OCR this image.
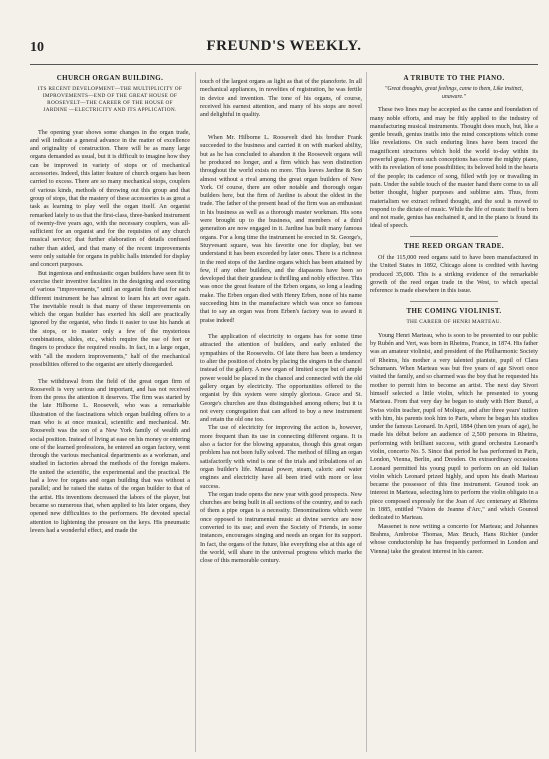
10	FREUND'S WEEKLY.
CHURCH ORGAN BUILDING.
ITS RECENT DEVELOPMENT—THE MULTIPLICITY OF IMPROVEMENTS—END OF THE GREAT HOUSE OF ROOSEVELT—THE CAREER OF THE HOUSE OF JARDINE —ELECTRICITY AND ITS APPLICATION.

The opening year shows some changes in the organ trade, and will indicate a general advance in the matter of excellence and originality of construction. There will be as many large organs demanded as usual, but it is difficult to imagine how they can be improved in variety of stops or of mechanical accessories. Indeed, this latter feature of church organs has been carried to excess. There are so many mechanical stops, couplers of various kinds, methods of throwing out this group and that group of stops, that the mastery of these accessories is as great a task as learning to play well the organ itself. An organist remarked lately to us that the first-class, three-banked instrument of twenty-five years ago, with the necessary couplers, was all-sufficient for an organist and for the requisites of any church musical service; that further elaboration of details confused rather than aided, and that many of the recent improvements were only suitable for organs in public halls intended for display and concert purposes.

But ingenious and enthusiastic organ builders have seen fit to exercise their inventive faculties in the designing and executing of various "improvements," until an organist finds that for each different instrument he has almost to learn his art over again. The inevitable result is that many of these improvements on which the organ builder has exerted his skill are practically ignored by the organist, who finds it easier to use his hands at the stops, or to master only a few of the mysterious combinations, slides, etc., which require the use of feet or fingers to produce the required results. In fact, in a large organ, with "all the modern improvements," half of the mechanical possibilities offered to the organist are utterly disregarded.

The withdrawal from the field of the great organ firm of Roosevelt is very serious and important, and has not received from the press the attention it deserves. The firm was started by the late Hilborne L. Roosevelt, who was a remarkable illustration of the fascinations which organ building offers to a man who is at once musical, scientific and mechanical. Mr. Roosevelt was the son of a New York family of wealth and social position. Instead of living at ease on his money or entering one of the learned professions, he entered an organ factory, went through the various mechanical departments as a workman, and studied in factories abroad the methods of the foreign makers. He united the scientific, the experimental and the practical. He had a love for organs and organ building that was without a parallel; and he raised the status of the organ builder to that of the artist. His inventions decreased the labors of the player, but became so numerous that, when applied to his later organs, they opened new difficulties to the performers. He devoted special attention to lightening the pressure on the keys. His pneumatic levers had a wonderful effect, and made the

touch of the largest organs as light as that of the pianoforte. In all mechanical appliances, in novelties of registration, he was fertile in device and invention. The tone of his organs, of course, received his earnest attention, and many of his stops are novel and delightful in quality.

When Mr. Hilborne L. Roosevelt died his brother Frank succeeded to the business and carried it on with marked ability, but as he has concluded to abandon it the Roosevelt organs will be produced no longer, and a firm which has won distinction throughout the world exists no more. This leaves Jardine & Son almost without a rival among the great organ builders of New York. Of course, there are other notable and thorough organ builders here, but the firm of Jardine is about the oldest in the trade. The father of the present head of the firm was an enthusiast in his business as well as a thorough master workman. His sons were brought up to the business, and members of a third generation are now engaged in it. Jardine has built many famous organs. For a long time the instrument he erected in St. George's, Stuyvesant square, was his favorite one for display, but we understand it has been exceeded by later ones. There is a richness in the reed stops of the Jardine organs which has been attained by few, if any other builders, and the diapasons have been so developed that their grandeur is thrilling and nobly effective. This was once the great feature of the Erben organs, so long a leading make. The Erben organ died with Henry Erben, none of his name succeeding him in the manufacture which was once so famous that to say an organ was from Erben's factory was to award it praise indeed!

The application of electricity to organs has for some time attracted the attention of builders, and early enlisted the sympathies of the Roosevelts. Of late there has been a tendency to alter the position of choirs by placing the singers in the chancel instead of the gallery. A new organ of limited scope but of ample power would be placed in the chancel and connected with the old gallery organ by electricity. The opportunities offered to the organist by this system were simply glorious. Grace and St. George's churches are thus distinguished among others; but it is not every congregation that can afford to buy a new instrument and retain the old one too.

The use of electricity for improving the action is, however, more frequent than its use in connecting different organs. It is also a factor for the blowing apparatus, though this great organ problem has not been fully solved. The method of filling an organ satisfactorily with wind is one of the trials and tribulations of an organ builder's life. Manual power, steam, caloric and water engines and electricity have all been tried with more or less success.

The organ trade opens the new year with good prospects. New churches are being built in all sections of the country, and to each of them a pipe organ is a necessity. Denominations which were once opposed to instrumental music at divine service are now converted to its use; and even the Society of Friends, in some instances, encourages singing and needs an organ for its support. In fact, the organs of the future, like everything else at this age of the world, will share in the universal progress which marks the close of this memorable century.

A TRIBUTE TO THE PIANO.
"Great thoughts, great feelings, came to them, Like instinct, unaware."

These two lines may be accepted as the canne and foundation of many noble efforts, and may be fitly applied to the industry of manufacturing musical instruments. Thought does much, but, like a gentle breath, genius instils into the mind conceptions which come like revelations. On such enduring lines have been traced the magnificent structures which hold the world to-day within its powerful grasp. From such conceptions has come the mighty piano, with its revelation of tone possibilities; its beloved hold in the hearts of the people; its cadence of song, filled with joy or travailing in pain. Under the subtle touch of the master hand there come to us all better thought, higher purposes and sublime aim. Thus, from materialism we extract refined thought, and the soul is moved to respond to the dictate of music. While the life of music itself is born and not made, genius has enchained it, and in the piano is found its ideal of speech.

THE REED ORGAN TRADE.

Of the 115,000 reed organs said to have been manufactured in the United States in 1892, Chicago alone is credited with having produced 35,000. This is a striking evidence of the remarkable growth of the reed organ trade in the West, to which special reference is made elsewhere in this issue.

THE COMING VIOLINIST.
THE CAREER OF HENRI MARTEAU.

Young Henri Marteau, who is soon to be presented to our public by Rubén and Vert, was born in Rheims, France, in 1874. His father was an amateur violinist, and president of the Philharmonic Society of Rheims, his mother a very talented pianiste, pupil of Clara Schumann. When Marteau was but five years of age Sivori once visited the family, and so charmed was the boy that he requested his mother to permit him to become an artist. The next day Sivori himself selected a little violin, which he presented to young Marteau. From that very day he began to study with Herr Bunzl, a Swiss violin teacher, pupil of Molique, and after three years' tuition with him, his parents took him to Paris, where he began his studies under the famous Leonard. In April, 1884 (then ten years of age), he made his début before an audience of 2,500 persons in Rheims, performing with brilliant success, with grand orchestra Leonard's violin, concerto No. 5. Since that period he has performed in Paris, London, Vienna, Berlin, and Dresden. On extraordinary occasions Leonard permitted his young pupil to perform on an old Italian violin which Leonard prized highly, and upon his death Marteau became the possessor of this fine instrument. Gounod took an interest in Marteau, selecting him to perform the violin obligato in a piece composed expressly for the Joan of Arc centenary at Rheims in 1885, entitled "Vision de Jeanne d'Arc," and which Gounod dedicated to Marteau.

Massenet is now writing a concerto for Marteau; and Johannes Brahms, Ambroise Thomas, Max Bruch, Hans Richter (under whose conductorship he has frequently performed in London and Vienna) take the greatest interest in his career.
